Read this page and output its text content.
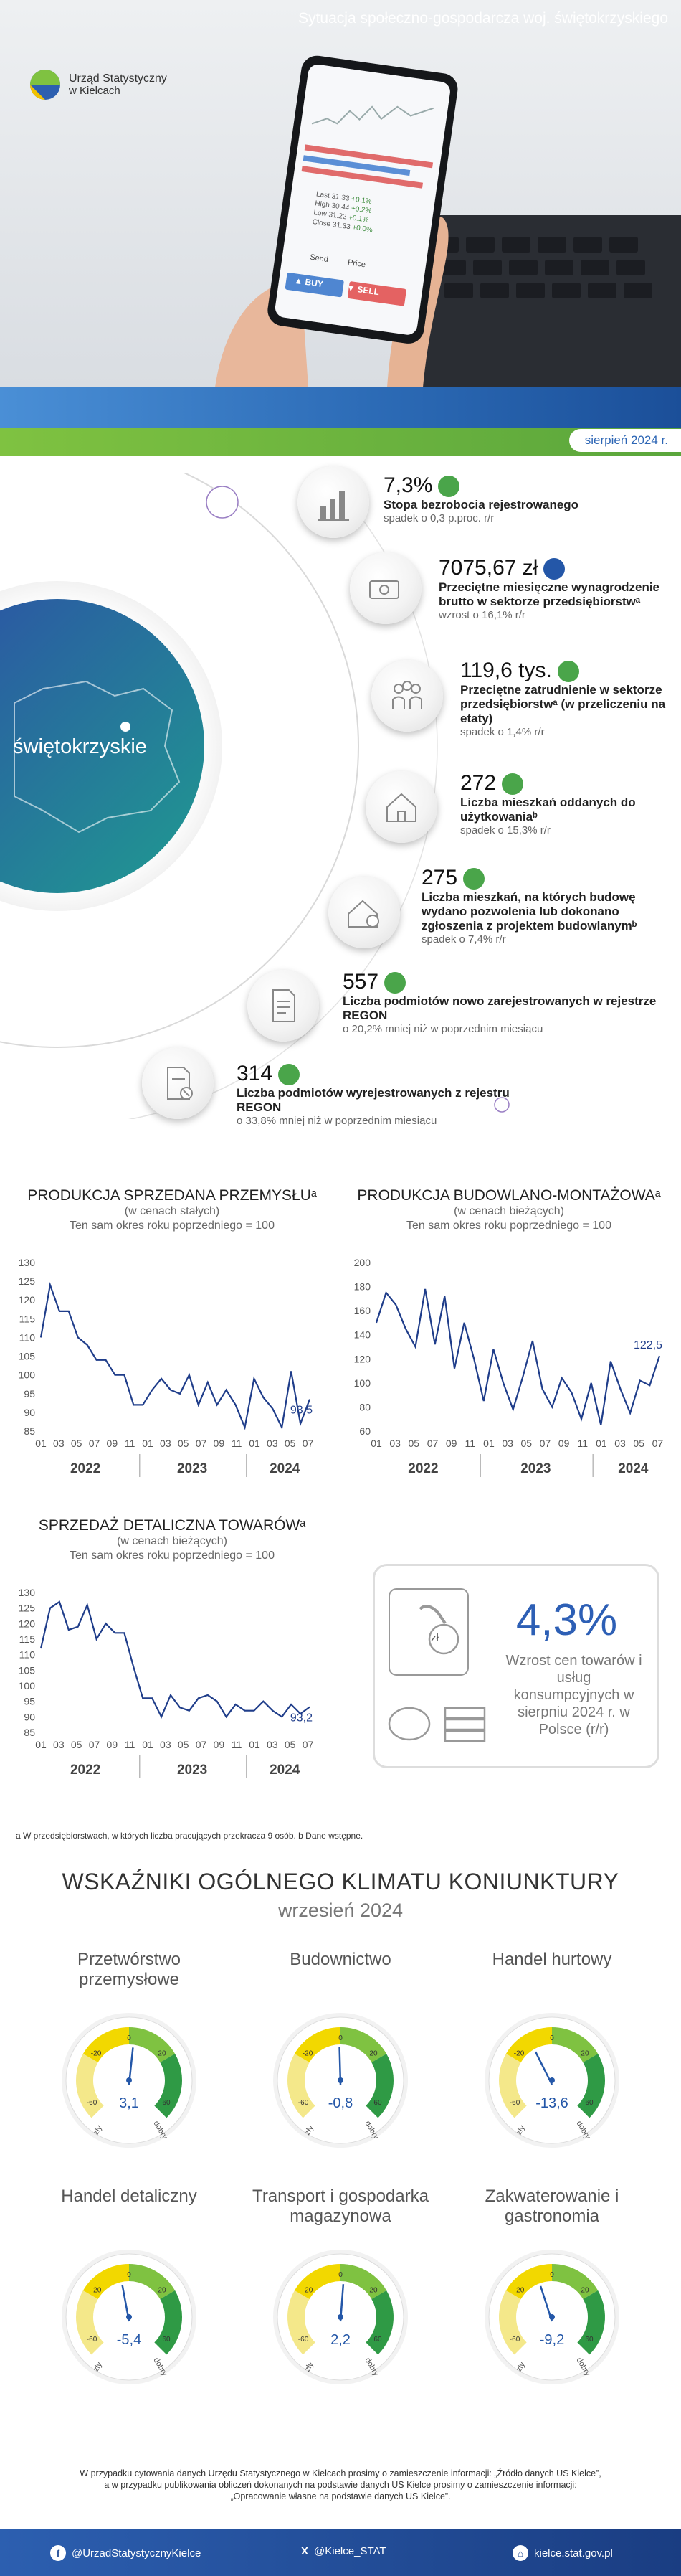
Last 31.33 +0.1%
High 30.44 +0.2%
Low 31.22 +0.1%
Close 31.33 +0.0%
Send Price
▲ BUY          ▼ SELL
Urząd Statystyczny
w Kielcach
Sytuacja społeczno-gospodarcza woj. świętokrzyskiego
sierpień 2024 r.
świętokrzyskie
7,3%
Stopa bezrobocia rejestrowanego
spadek o 0,3 p.proc. r/r
7075,67 zł
Przeciętne miesięczne wynagrodzenie brutto w sektorze przedsiębiorstwᵃ
wzrost o 16,1% r/r
119,6 tys.
Przeciętne zatrudnienie w sektorze przedsiębiorstwᵃ (w przeliczeniu na etaty)
spadek o 1,4% r/r
272
Liczba mieszkań oddanych do użytkowaniaᵇ
spadek o 15,3% r/r
275
Liczba mieszkań, na których budowę wydano pozwolenia lub dokonano zgłoszenia z projektem budowlanymᵇ
spadek o 7,4% r/r
557
Liczba podmiotów nowo zarejestrowanych w rejestrze REGON
o 20,2% mniej niż w poprzednim miesiącu
314
Liczba podmiotów wyrejestrowanych z rejestru REGON
o 33,8% mniej niż w poprzednim miesiącu
PRODUKCJA SPRZEDANA PRZEMYSŁUᵃ
(w cenach stałych)
Ten sam okres roku poprzedniego = 100
130
125
120
115
110
105
100
95
90
85
93,5
01 03 05 07 09 11 01 03 05 07 09 11 01 03 05 07
2022	2023	2024
PRODUKCJA BUDOWLANO-MONTAŻOWAᵃ
(w cenach bieżących)
Ten sam okres roku poprzedniego = 100
200
180
160
140
120
100
80
60
122,5
01 03 05 07 09 11 01 03 05 07 09 11 01 03 05 07
2022	2023	2024
SPRZEDAŻ DETALICZNA TOWARÓWᵃ
(w cenach bieżących)
Ten sam okres roku poprzedniego = 100
130
125
120
115
110
105
100
95
90
85
93,2
01 03 05 07 09 11 01 03 05 07 09 11 01 03 05 07
2022	2023	2024
zł	4,3%
Wzrost cen towarów i usług konsumpcyjnych w sierpniu 2024 r. w Polsce (r/r)
a W przedsiębiorstwach, w których liczba pracujących przekracza 9 osób. b Dane wstępne.
WSKAŹNIKI OGÓLNEGO KLIMATU KONIUNKTURY
wrzesień 2024
Przetwórstwo przemysłowe
-60
-20
0
20
60
zły	dobry
3,1
Budownictwo
-60
-20
0
20
60
zły	dobry
-0,8
Handel hurtowy
-60
-20
0
20
60
zły	dobry
-13,6
Handel detaliczny
-60
-20
0
20
60
zły	dobry
-5,4
Transport i gospodarka magazynowa
-60
-20
0
20
60
zły	dobry
2,2
Zakwaterowanie i gastronomia
-60
-20
0
20
60
zły	dobry
-9,2
W przypadku cytowania danych Urzędu Statystycznego w Kielcach prosimy o zamieszczenie informacji: „Źródło danych US Kielce”,
a w przypadku publikowania obliczeń dokonanych na podstawie danych US Kielce prosimy o zamieszczenie informacji:
„Opracowanie własne na podstawie danych US Kielce”.
f	@UrzadStatystycznyKielce	X @Kielce_STAT	⌂	kielce.stat.gov.pl
